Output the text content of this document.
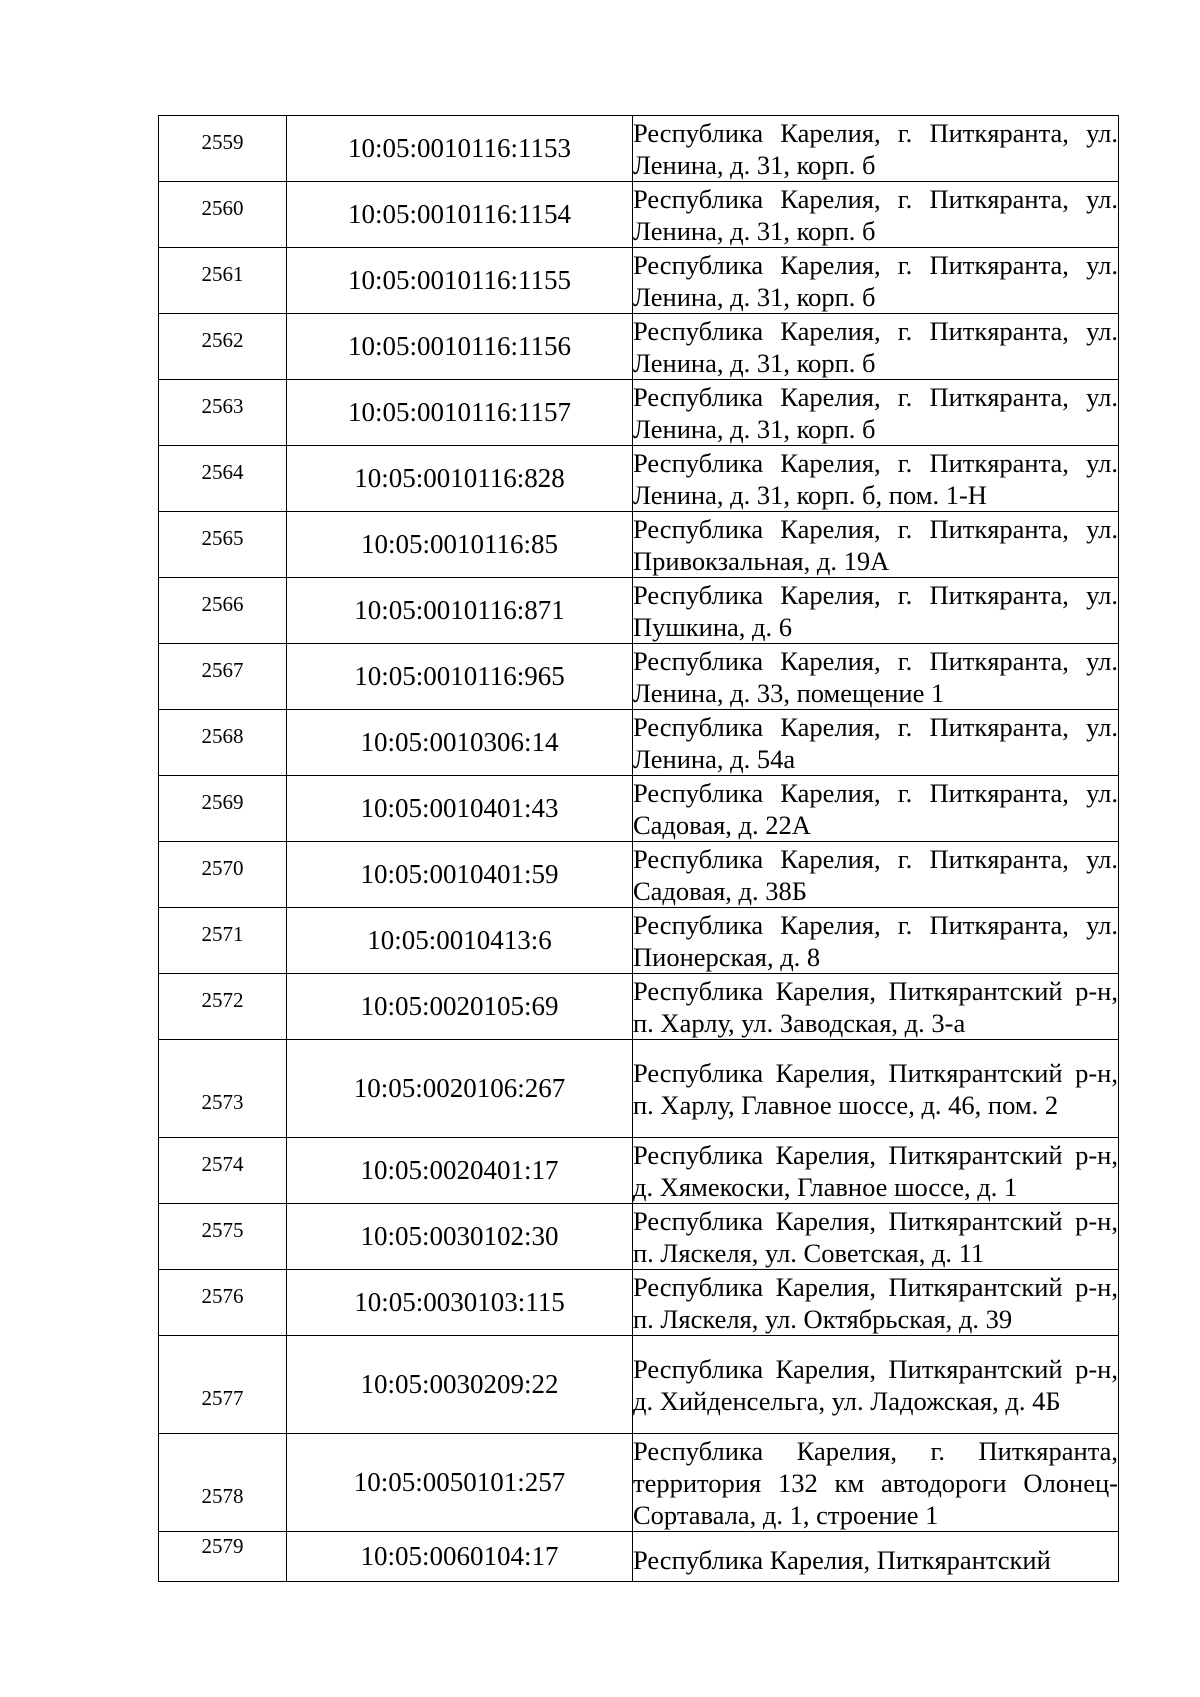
2559	10:05:0010116:1153	Республика Карелия, г. Питкяранта, ул. Ленина, д. 31, корп. б

2560	10:05:0010116:1154	Республика Карелия, г. Питкяранта, ул. Ленина, д. 31, корп. б

2561	10:05:0010116:1155	Республика Карелия, г. Питкяранта, ул. Ленина, д. 31, корп. б

2562	10:05:0010116:1156	Республика Карелия, г. Питкяранта, ул. Ленина, д. 31, корп. б

2563	10:05:0010116:1157	Республика Карелия, г. Питкяранта, ул. Ленина, д. 31, корп. б

2564	10:05:0010116:828	Республика Карелия, г. Питкяранта, ул. Ленина, д. 31, корп. б, пом. 1-Н

2565	10:05:0010116:85	Республика Карелия, г. Питкяранта, ул. Привокзальная, д. 19А

2566	10:05:0010116:871	Республика Карелия, г. Питкяранта, ул. Пушкина, д. 6

2567	10:05:0010116:965	Республика Карелия, г. Питкяранта, ул. Ленина, д. 33, помещение 1

2568	10:05:0010306:14	Республика Карелия, г. Питкяранта, ул. Ленина, д. 54а

2569	10:05:0010401:43	Республика Карелия, г. Питкяранта, ул. Садовая, д. 22А

2570	10:05:0010401:59	Республика Карелия, г. Питкяранта, ул. Садовая, д. 38Б

2571	10:05:0010413:6	Республика Карелия, г. Питкяранта, ул. Пионерская, д. 8

2572	10:05:0020105:69	Республика Карелия, Питкярантский р-н, п. Харлу, ул. Заводская, д. 3-а

2573	10:05:0020106:267	Республика Карелия, Питкярантский р-н, п. Харлу, Главное шоссе, д. 46, пом. 2

2574	10:05:0020401:17	Республика Карелия, Питкярантский р-н, д. Хямекоски, Главное шоссе, д. 1

2575	10:05:0030102:30	Республика Карелия, Питкярантский р-н, п. Ляскеля, ул. Советская, д. 11

2576	10:05:0030103:115	Республика Карелия, Питкярантский р-н, п. Ляскеля, ул. Октябрьская, д. 39

2577	10:05:0030209:22	Республика Карелия, Питкярантский р-н, д. Хийденсельга, ул. Ладожская, д. 4Б

2578	10:05:0050101:257	Республика Карелия, г. Питкяранта, территория 132 км автодороги Олонец-Сортавала, д. 1, строение 1

2579	10:05:0060104:17	Республика Карелия, Питкярантский
